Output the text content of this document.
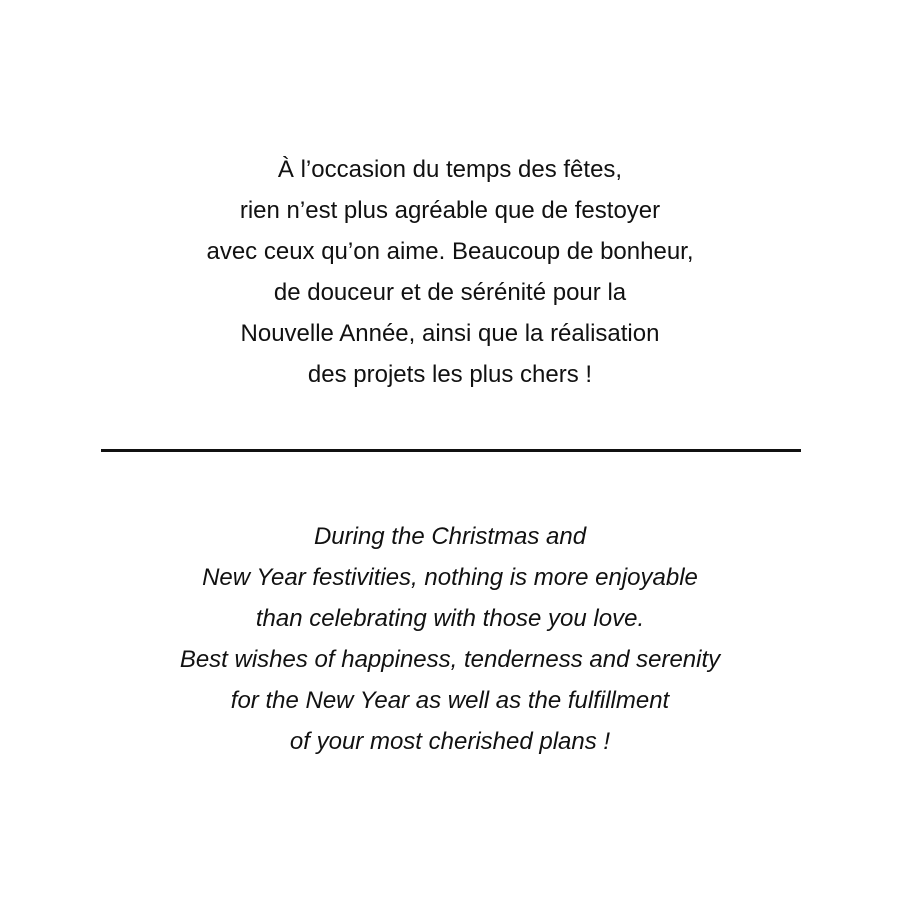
À l’occasion du temps des fêtes,
rien n’est plus agréable que de festoyer
avec ceux qu’on aime. Beaucoup de bonheur,
de douceur et de sérénité pour la
Nouvelle Année, ainsi que la réalisation
des projets les plus chers !
During the Christmas and
New Year festivities, nothing is more enjoyable
than celebrating with those you love.
Best wishes of happiness, tenderness and serenity
for the New Year as well as the fulfillment
of your most cherished plans !
